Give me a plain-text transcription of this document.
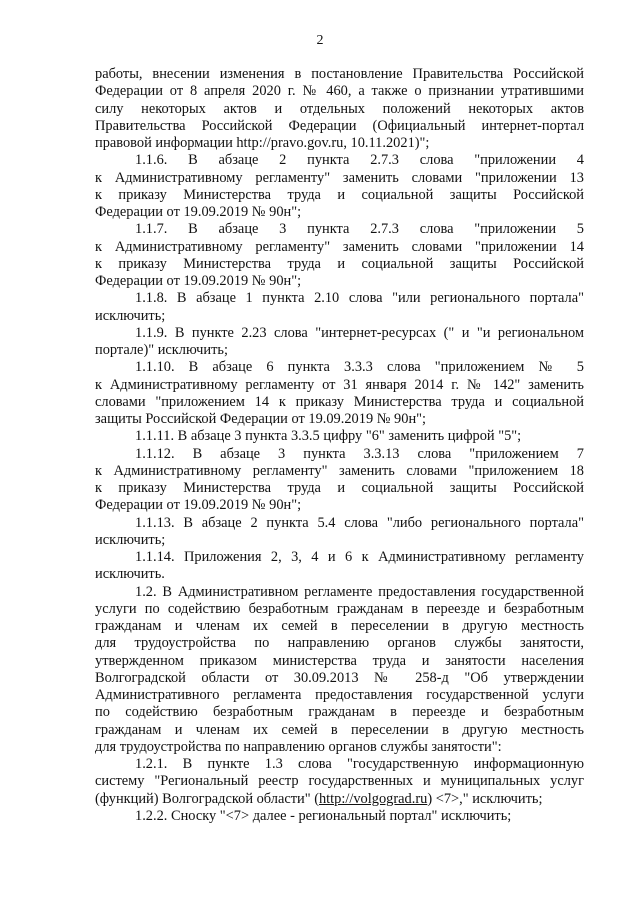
2
работы, внесении изменения в постановление Правительства Российской
Федерации от 8 апреля 2020 г. № 460, а также о признании утратившими
силу некоторых актов и отдельных положений некоторых актов
Правительства Российской Федерации (Официальный интернет-портал
правовой информации http://pravo.gov.ru, 10.11.2021)";
1.1.6. В абзаце 2 пункта 2.7.3 слова "приложении 4
к Административному регламенту" заменить словами "приложении 13
к приказу Министерства труда и социальной защиты Российской
Федерации от 19.09.2019 № 90н";
1.1.7. В абзаце 3 пункта 2.7.3 слова "приложении 5
к Административному регламенту" заменить словами "приложении 14
к приказу Министерства труда и социальной защиты Российской
Федерации от 19.09.2019 № 90н";
1.1.8. В абзаце 1 пункта 2.10 слова "или регионального портала"
исключить;
1.1.9. В пункте 2.23 слова "интернет-ресурсах (" и "и региональном
портале)" исключить;
1.1.10. В абзаце 6 пункта 3.3.3 слова "приложением № 5
к Административному регламенту от 31 января 2014 г. № 142" заменить
словами "приложением 14 к приказу Министерства труда и социальной
защиты Российской Федерации от 19.09.2019 № 90н";
1.1.11. В абзаце 3 пункта 3.3.5 цифру "6" заменить цифрой "5";
1.1.12. В абзаце 3 пункта 3.3.13 слова "приложением 7
к Административному регламенту" заменить словами "приложением 18
к приказу Министерства труда и социальной защиты Российской
Федерации от 19.09.2019 № 90н";
1.1.13. В абзаце 2 пункта 5.4 слова "либо регионального портала"
исключить;
1.1.14. Приложения 2, 3, 4 и 6 к Административному регламенту
исключить.
1.2. В Административном регламенте предоставления государственной
услуги по содействию безработным гражданам в переезде и безработным
гражданам и членам их семей в переселении в другую местность
для трудоустройства по направлению органов службы занятости,
утвержденном приказом министерства труда и занятости населения
Волгоградской области от 30.09.2013 № 258-д "Об утверждении
Административного регламента предоставления государственной услуги
по содействию безработным гражданам в переезде и безработным
гражданам и членам их семей в переселении в другую местность
для трудоустройства по направлению органов службы занятости":
1.2.1. В пункте 1.3 слова "государственную информационную
систему "Региональный реестр государственных и муниципальных услуг
(функций) Волгоградской области" (http://volgograd.ru) <7>," исключить;
1.2.2. Сноску "<7> далее - региональный портал" исключить;
